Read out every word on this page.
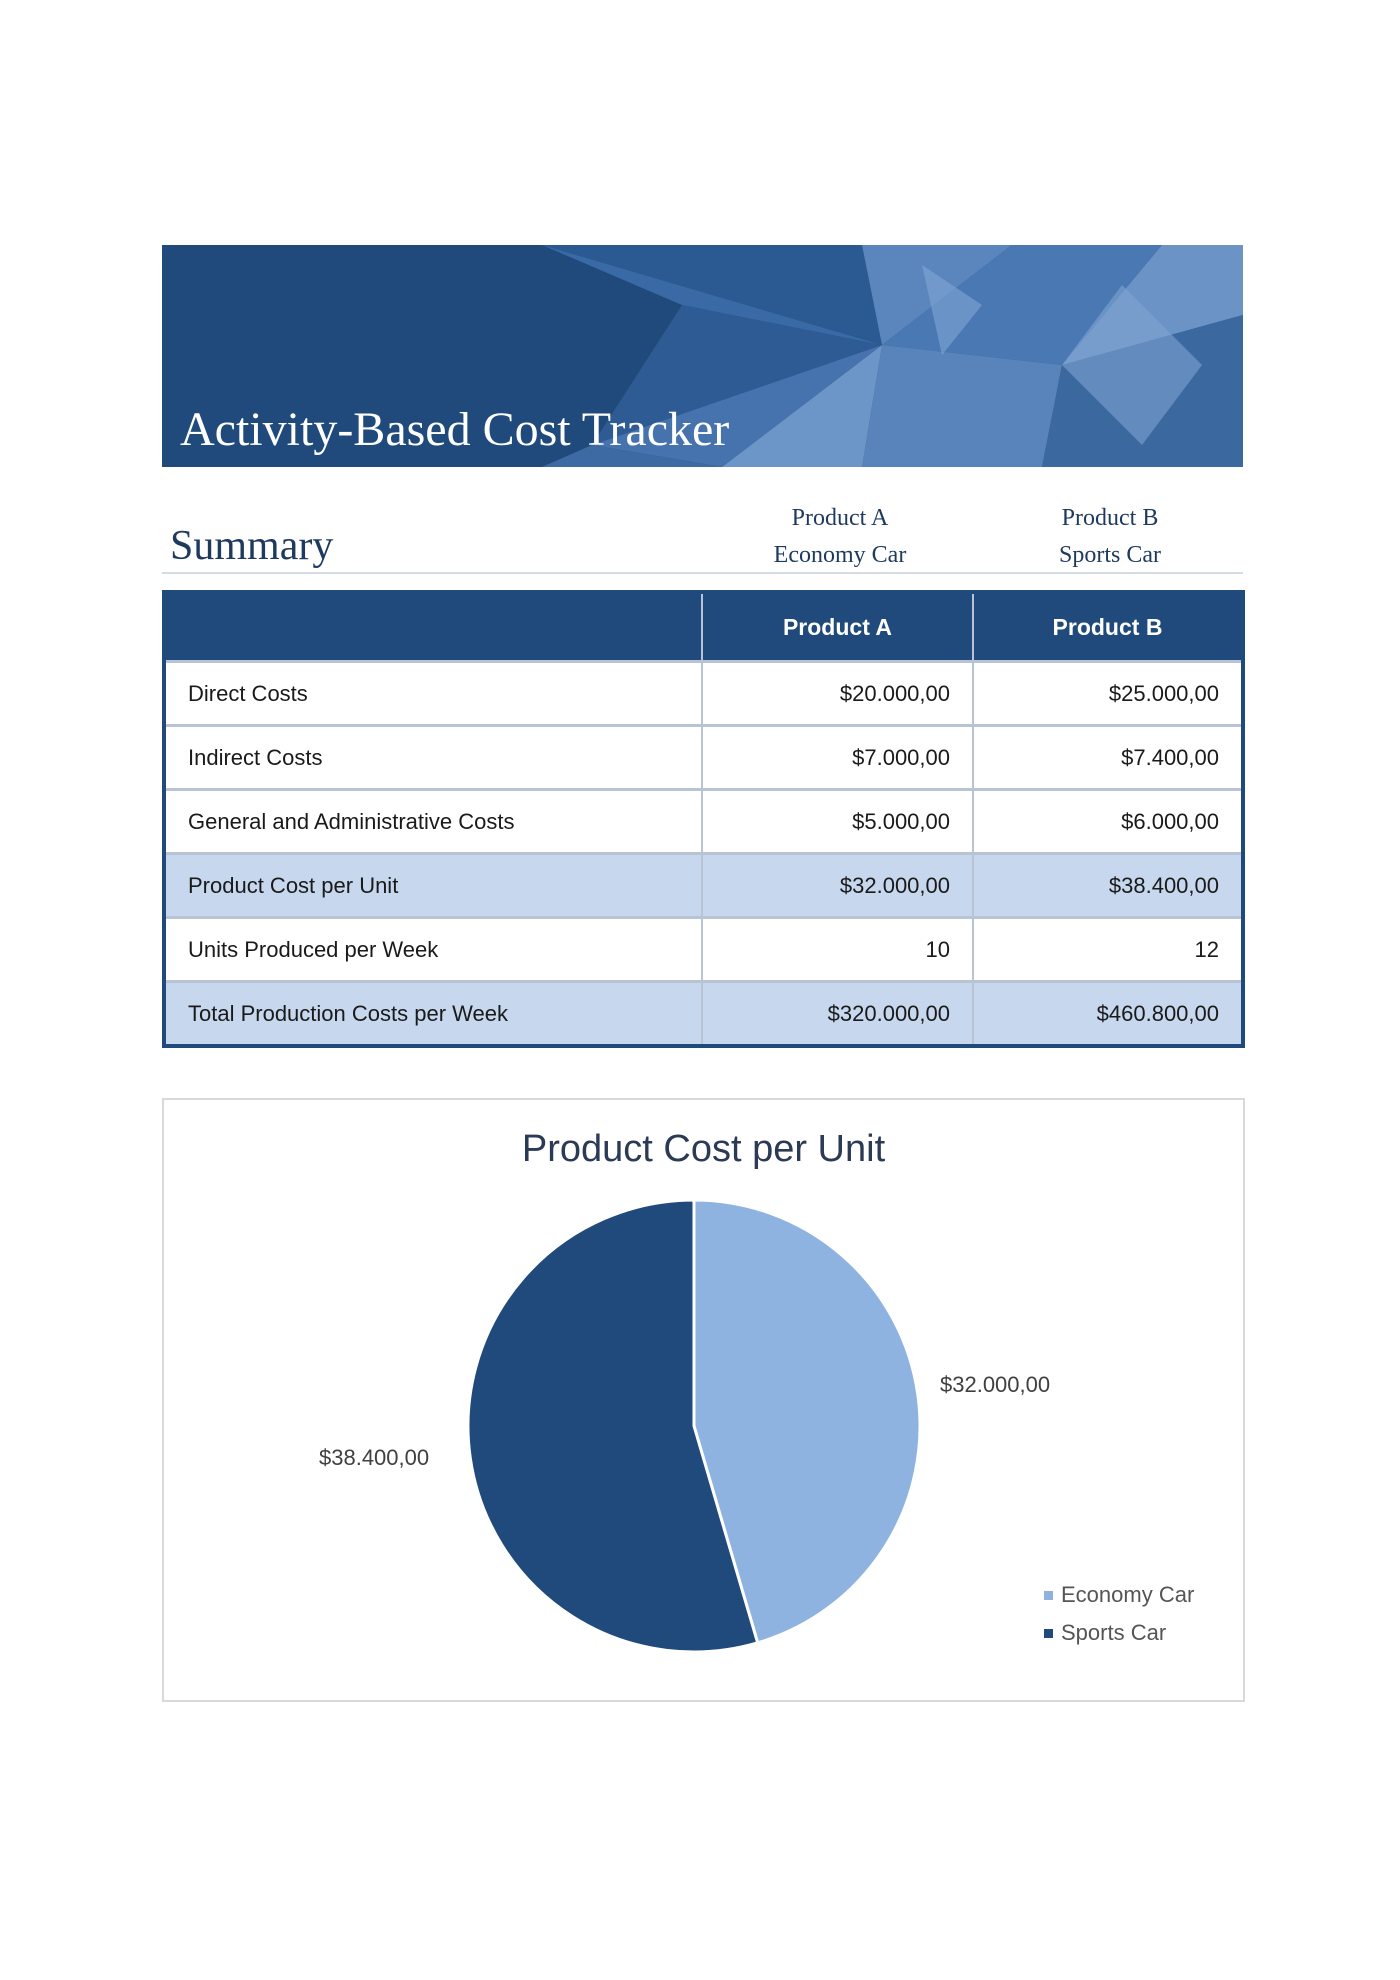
Activity-Based Cost Tracker
Summary
Product A
Economy Car
Product B
Sports Car
	Product A	Product B
Direct Costs	$20.000,00	$25.000,00
Indirect Costs	$7.000,00	$7.400,00
General and Administrative Costs	$5.000,00	$6.000,00
Product Cost per Unit	$32.000,00	$38.400,00
Units Produced per Week	10	12
Total Production Costs per Week	$320.000,00	$460.800,00
Product Cost per Unit
$32.000,00
$38.400,00
Economy Car
Sports Car
